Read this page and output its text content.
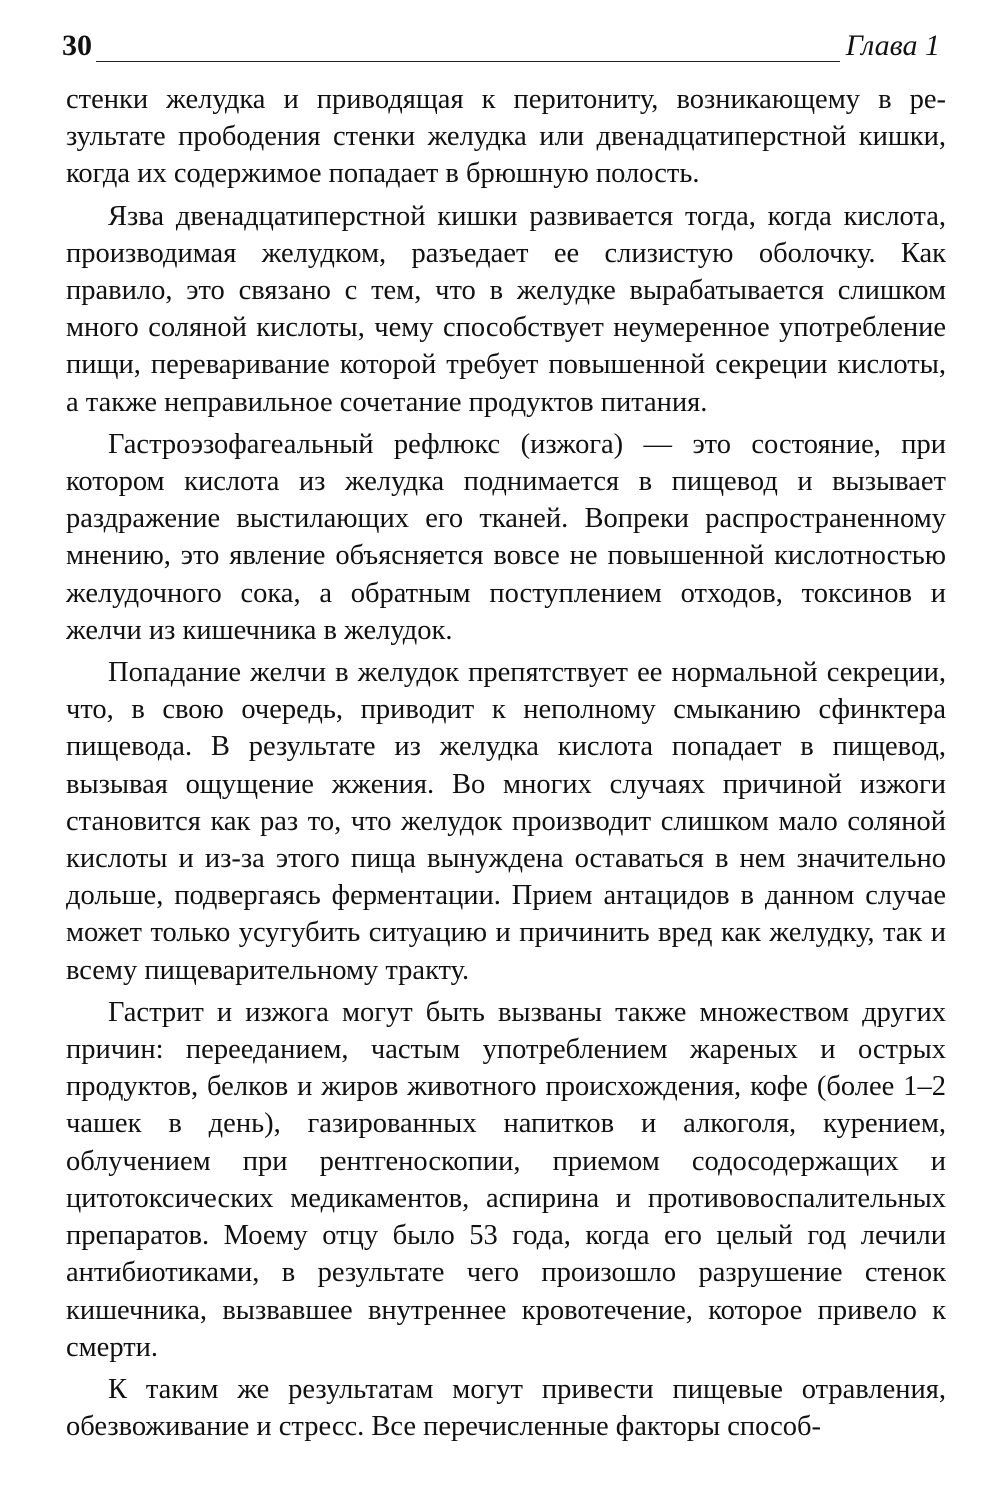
30	Глава 1

стенки желудка и приводящая к перитониту, возникающему в результате прободения стенки желудка или двенадцатиперстной кишки, когда их содержимое попадает в брюшную полость.

Язва двенадцатиперстной кишки развивается тогда, когда кислота, производимая желудком, разъедает ее слизистую оболочку. Как правило, это связано с тем, что в желудке вырабатывается слишком много соляной кислоты, чему способствует неумеренное употребление пищи, переваривание которой требует повышенной секреции кислоты, а также неправильное сочетание продуктов питания.

Гастроэзофагеальный рефлюкс (изжога) — это состояние, при котором кислота из желудка поднимается в пищевод и вызывает раздражение выстилающих его тканей. Вопреки распространенному мнению, это явление объясняется вовсе не повышенной кислотностью желудочного сока, а обратным поступлением отходов, токсинов и желчи из кишечника в желудок.

Попадание желчи в желудок препятствует ее нормальной секреции, что, в свою очередь, приводит к неполному смыканию сфинктера пищевода. В результате из желудка кислота попадает в пищевод, вызывая ощущение жжения. Во многих случаях причиной изжоги становится как раз то, что желудок производит слишком мало соляной кислоты и из-за этого пища вынуждена оставаться в нем значительно дольше, подвергаясь ферментации. Прием антацидов в данном случае может только усугубить ситуацию и причинить вред как желудку, так и всему пищеварительному тракту.

Гастрит и изжога могут быть вызваны также множеством других причин: перееданием, частым употреблением жареных и острых продуктов, белков и жиров животного происхождения, кофе (более 1–2 чашек в день), газированных напитков и алкоголя, курением, облучением при рентгеноскопии, приемом содосодержащих и цитотоксических медикаментов, аспирина и противовоспалительных препаратов. Моему отцу было 53 года, когда его целый год лечили антибиотиками, в результате чего произошло разрушение стенок кишечника, вызвавшее внутреннее кровотечение, которое привело к смерти.

К таким же результатам могут привести пищевые отравления, обезвоживание и стресс. Все перечисленные факторы способ-
